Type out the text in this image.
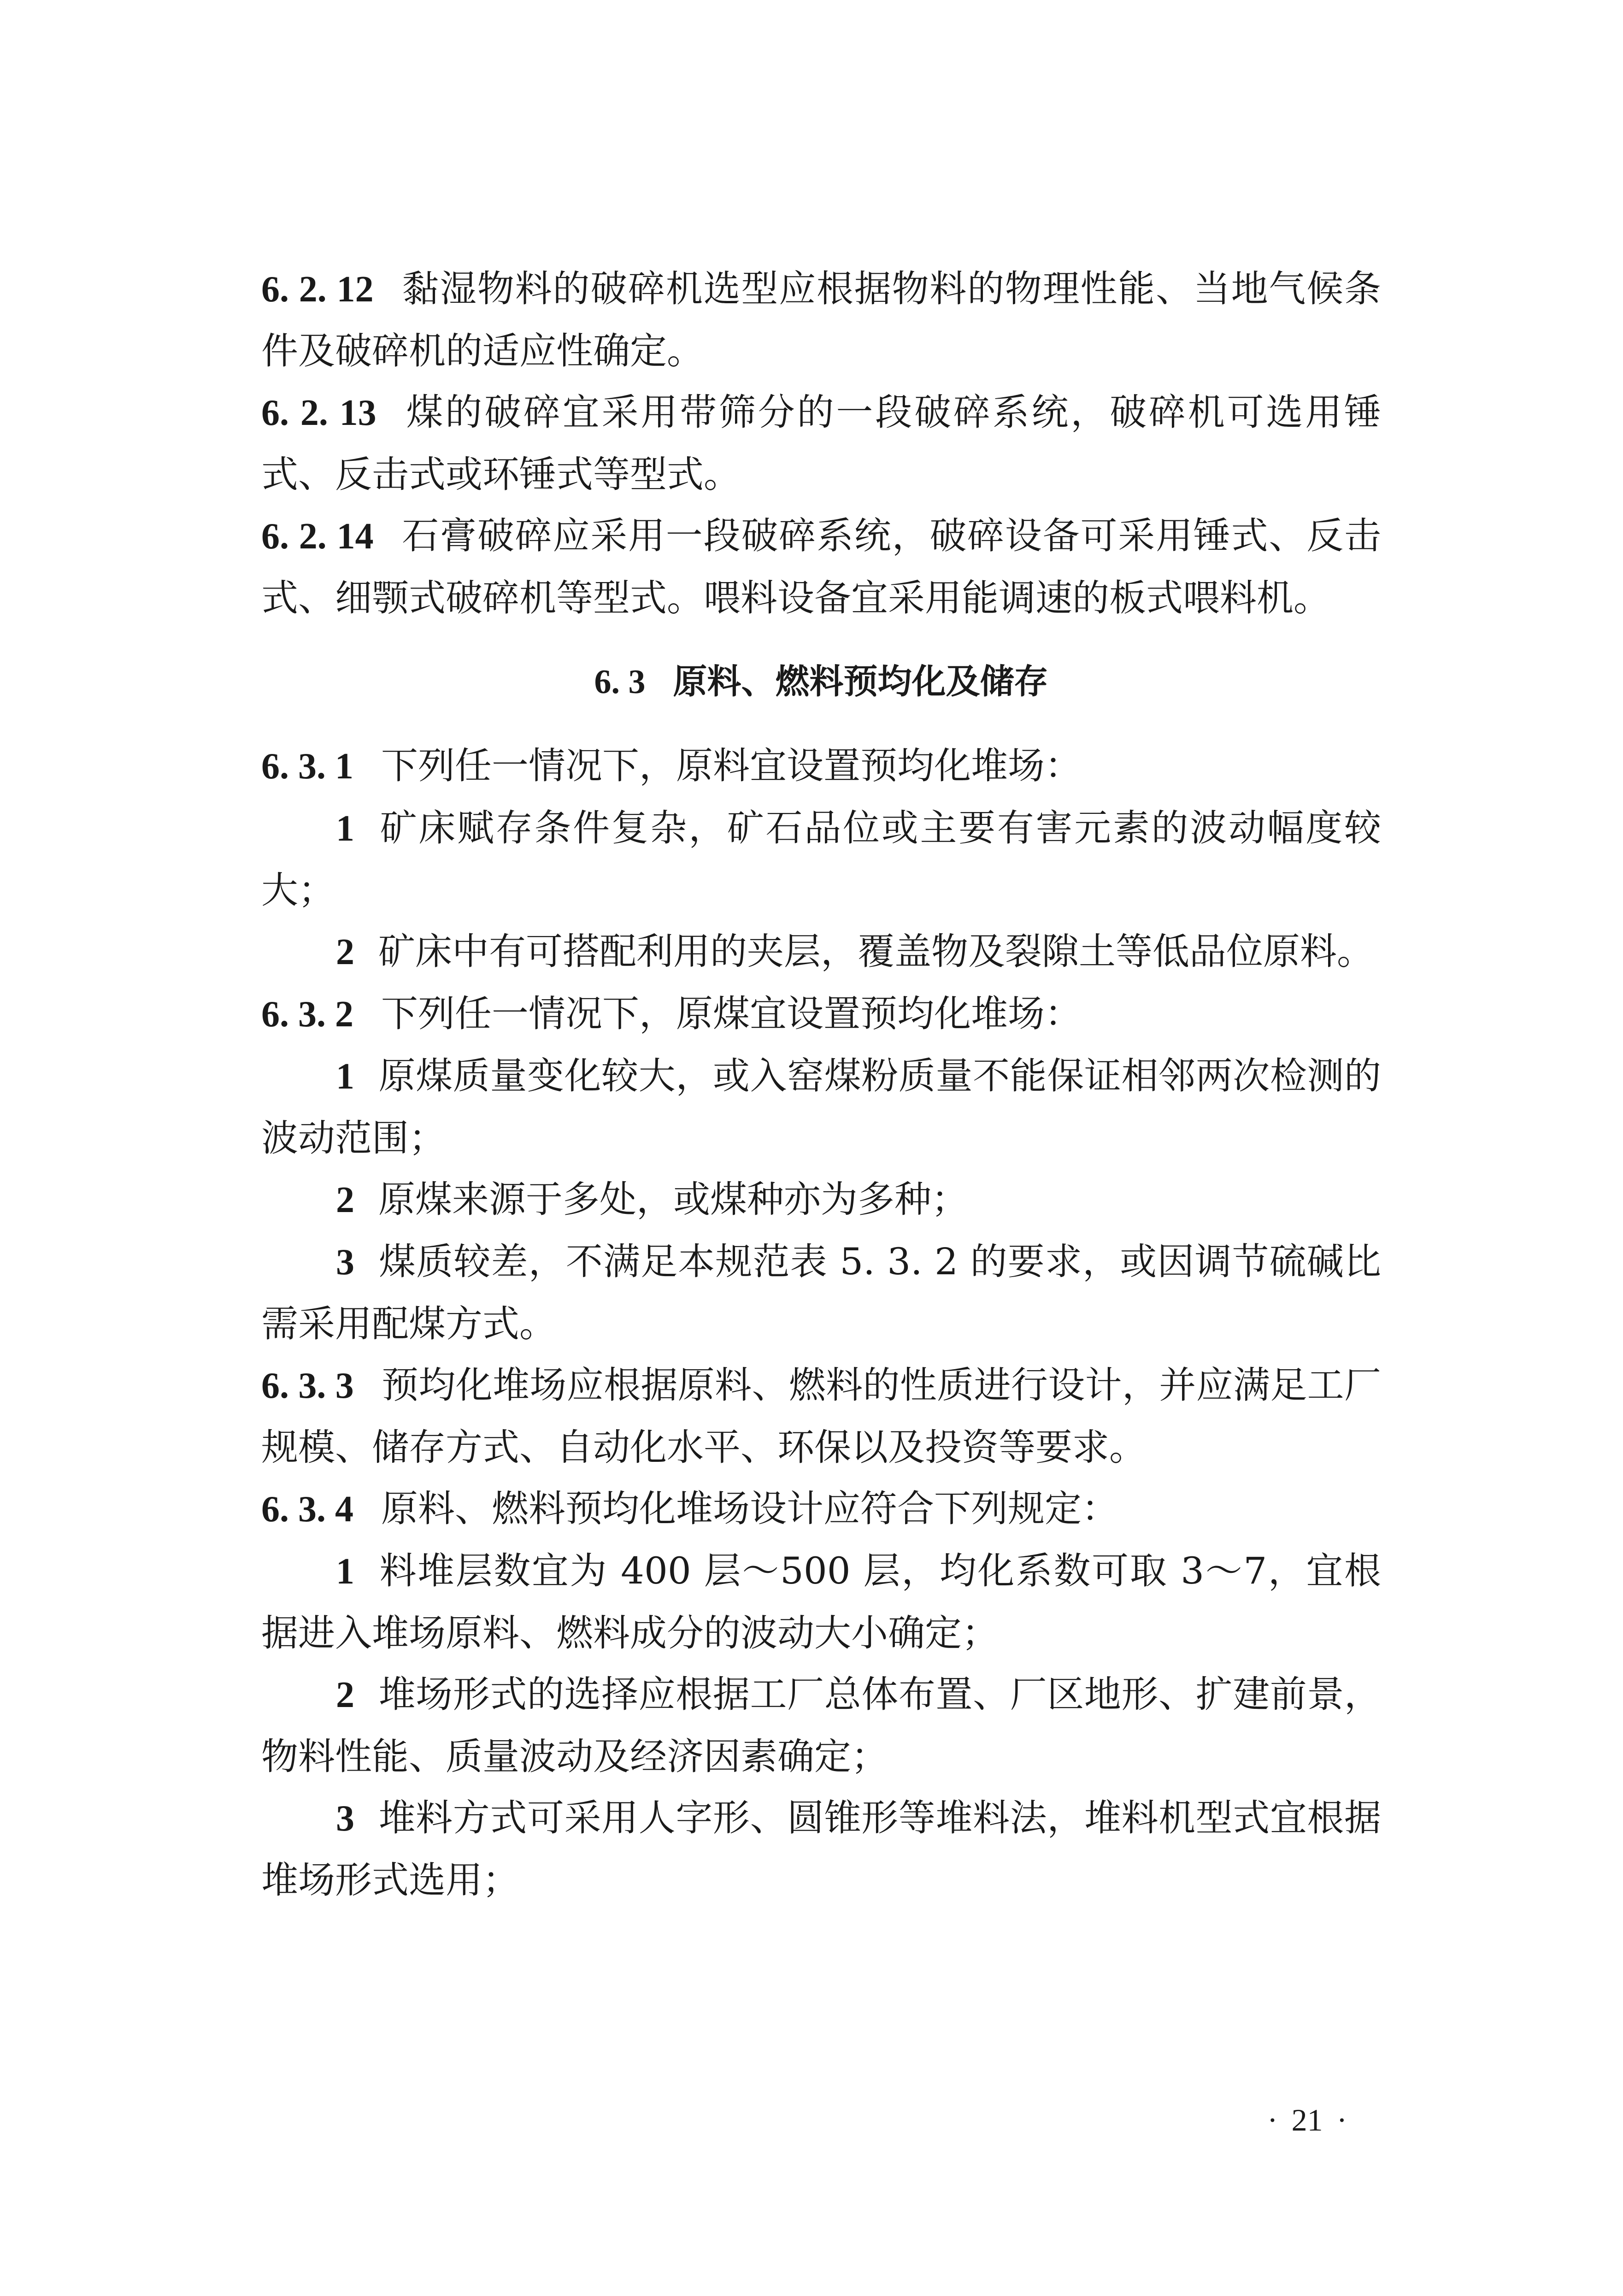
6. 2. 12 黏湿物料的破碎机选型应根据物料的物理性能、当地气候条件及破碎机的适应性确定。

6. 2. 13 煤的破碎宜采用带筛分的一段破碎系统，破碎机可选用锤式、反击式或环锤式等型式。

6. 2. 14 石膏破碎应采用一段破碎系统，破碎设备可采用锤式、反击式、细颚式破碎机等型式。喂料设备宜采用能调速的板式喂料机。

6. 3 原料、燃料预均化及储存

6. 3. 1 下列任一情况下，原料宜设置预均化堆场：

1 矿床赋存条件复杂，矿石品位或主要有害元素的波动幅度较大；

2 矿床中有可搭配利用的夹层，覆盖物及裂隙土等低品位原料。

6. 3. 2 下列任一情况下，原煤宜设置预均化堆场：

1 原煤质量变化较大，或入窑煤粉质量不能保证相邻两次检测的波动范围；

2 原煤来源于多处，或煤种亦为多种；

3 煤质较差，不满足本规范表 5. 3. 2 的要求，或因调节硫碱比需采用配煤方式。

6. 3. 3 预均化堆场应根据原料、燃料的性质进行设计，并应满足工厂规模、储存方式、自动化水平、环保以及投资等要求。

6. 3. 4 原料、燃料预均化堆场设计应符合下列规定：

1 料堆层数宜为 400 层～500 层，均化系数可取 3～7，宜根据进入堆场原料、燃料成分的波动大小确定；

2 堆场形式的选择应根据工厂总体布置、厂区地形、扩建前景，物料性能、质量波动及经济因素确定；

3 堆料方式可采用人字形、圆锥形等堆料法，堆料机型式宜根据堆场形式选用；

· 21 ·
